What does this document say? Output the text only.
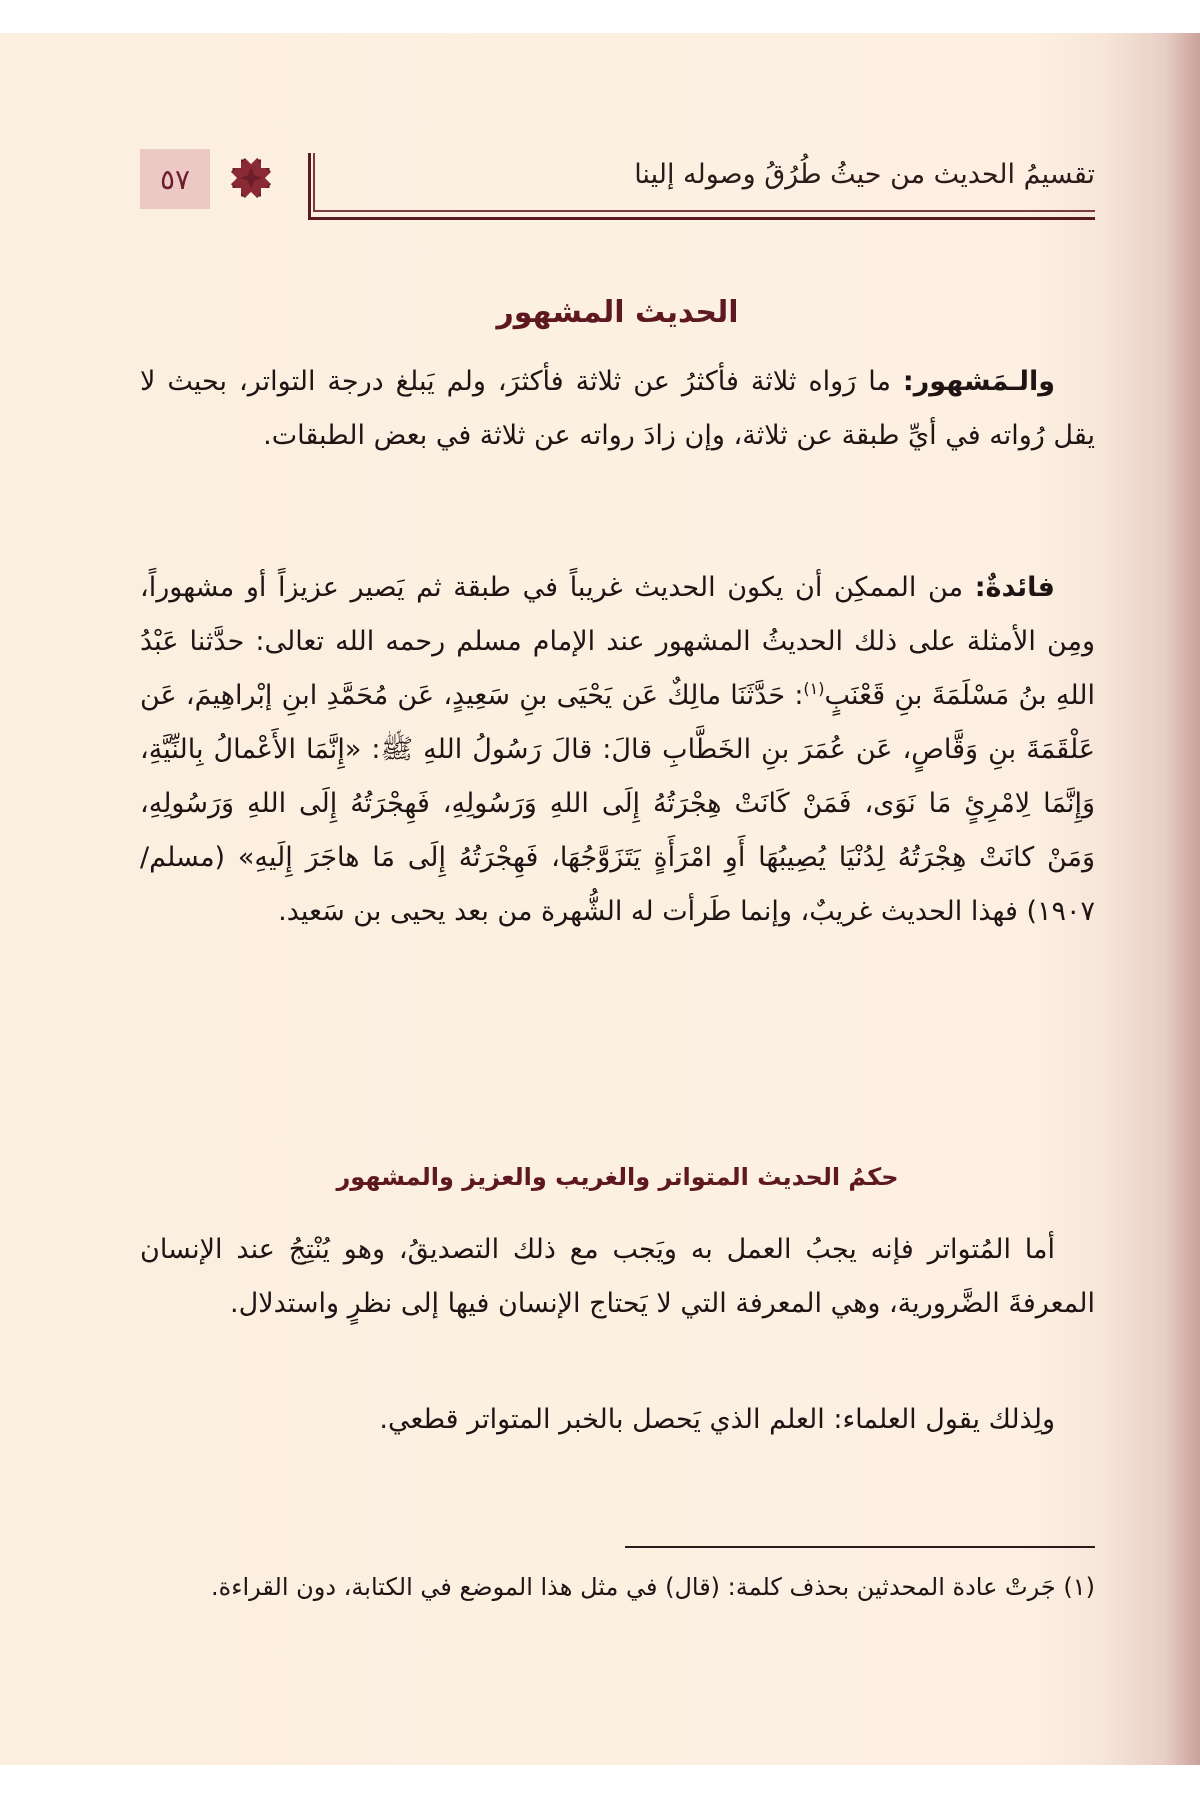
تقسيمُ الحديث من حيثُ طُرُقُ وصوله إلينا
٥٧
الحديث المشهور
والـمَشهور: ما رَواه ثلاثة فأكثرُ عن ثلاثة فأكثرَ، ولم يَبلغ درجة التواتر، بحيث لا يقل رُواته في أيِّ طبقة عن ثلاثة، وإن زادَ رواته عن ثلاثة في بعض الطبقات.
فائدةٌ: من الممكِن أن يكون الحديث غريباً في طبقة ثم يَصير عزيزاً أو مشهوراً، ومِن الأمثلة على ذلك الحديثُ المشهور عند الإمام مسلم رحمه الله تعالى: حدَّثنا عَبْدُ اللهِ بنُ مَسْلَمَةَ بنِ قَعْنَبٍ$^{(١)}$: حَدَّثَنَا مالِكٌ عَن يَحْيَى بنِ سَعِيدٍ، عَن مُحَمَّدِ ابنِ إبْراهِيمَ، عَن عَلْقَمَةَ بنِ وَقَّاصٍ، عَن عُمَرَ بنِ الخَطَّابِ قالَ: قالَ رَسُولُ اللهِ ﷺ: «إِنَّمَا الأَعْمالُ بِالنِّيَّةِ، وَإِنَّمَا لِامْرِئٍ مَا نَوَى، فَمَنْ كَانَتْ هِجْرَتُهُ إِلَى اللهِ وَرَسُولِهِ، فَهِجْرَتُهُ إِلَى اللهِ وَرَسُولِهِ، وَمَنْ كانَتْ هِجْرَتُهُ لِدُنْيَا يُصِيبُهَا أَوِ امْرَأَةٍ يَتَزَوَّجُهَا، فَهِجْرَتُهُ إِلَى مَا هاجَرَ إِلَيهِ» (مسلم/ ١٩٠٧) فهذا الحديث غريبٌ، وإنما طَرأت له الشُّهرة من بعد يحيى بن سَعيد.
حكمُ الحديث المتواتر والغريب والعزيز والمشهور
أما المُتواتر فإنه يجبُ العمل به ويَجب مع ذلك التصديقُ، وهو يُنْتِجُ عند الإنسان المعرفةَ الضَّرورية، وهي المعرفة التي لا يَحتاج الإنسان فيها إلى نظرٍ واستدلال.
ولِذلك يقول العلماء: العلم الذي يَحصل بالخبر المتواتر قطعي.
(١) جَرتْ عادة المحدثين بحذف كلمة: (قال) في مثل هذا الموضع في الكتابة، دون القراءة.
